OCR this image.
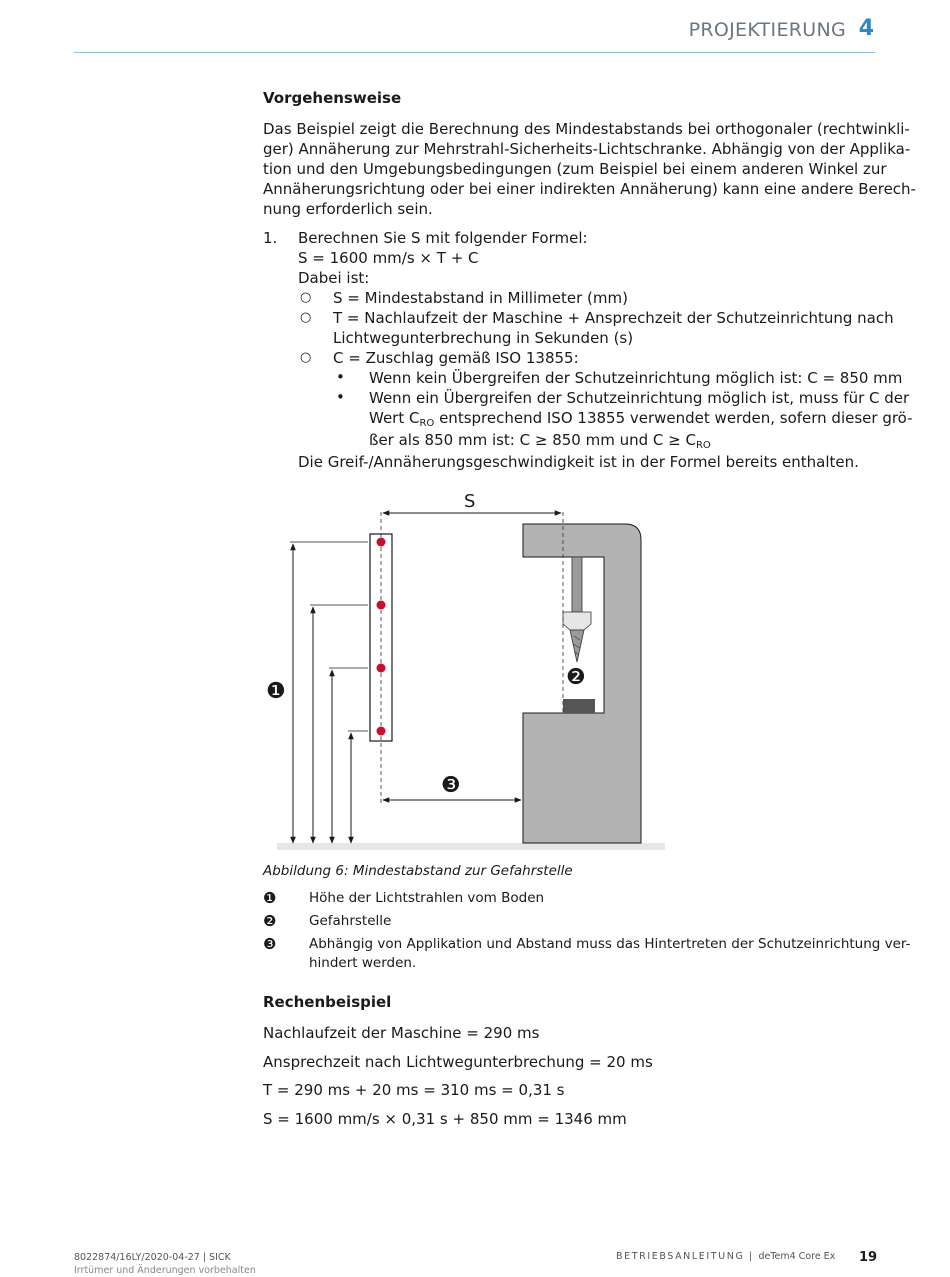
PROJEKTIERUNG 4
Vorgehensweise
Das Beispiel zeigt die Berechnung des Mindestabstands bei orthogonaler (rechtwinkli-
ger) Annäherung zur Mehrstrahl-Sicherheits-Lichtschranke. Abhängig von der Applika-
tion und den Umgebungsbedingungen (zum Beispiel bei einem anderen Winkel zur
Annäherungsrichtung oder bei einer indirekten Annäherung) kann eine andere Berech-
nung erforderlich sein.
1. Berechnen Sie S mit folgender Formel:
S = 1600 mm/s × T + C
Dabei ist:
○ S = Mindestabstand in Millimeter (mm)
○ T = Nachlaufzeit der Maschine + Ansprechzeit der Schutzeinrichtung nach
Lichtwegunterbrechung in Sekunden (s)
○ C = Zuschlag gemäß ISO 13855:
• Wenn kein Übergreifen der Schutzeinrichtung möglich ist: C = 850 mm
• Wenn ein Übergreifen der Schutzeinrichtung möglich ist, muss für C der
Wert $C_{RO}$ entsprechend ISO 13855 verwendet werden, sofern dieser grö-
ßer als 850 mm ist: C ≥ 850 mm und $C \ge C_{RO}$
Die Greif-/Annäherungsgeschwindigkeit ist in der Formel bereits enthalten.
S
❶
❷
❸
Abbildung 6: Mindestabstand zur Gefahrstelle
❶ Höhe der Lichtstrahlen vom Boden
❷ Gefahrstelle
❸ Abhängig von Applikation und Abstand muss das Hintertreten der Schutzeinrichtung ver-
hindert werden.
Rechenbeispiel
Nachlaufzeit der Maschine = 290 ms
Ansprechzeit nach Lichtwegunterbrechung = 20 ms
T = 290 ms + 20 ms = 310 ms = 0,31 s
S = 1600 mm/s × 0,31 s + 850 mm = 1346 mm
8022874/16LY/2020-04-27 | SICK
Irrtümer und Änderungen vorbehalten
BETRIEBSANLEITUNG | deTem4 Core Ex 19
